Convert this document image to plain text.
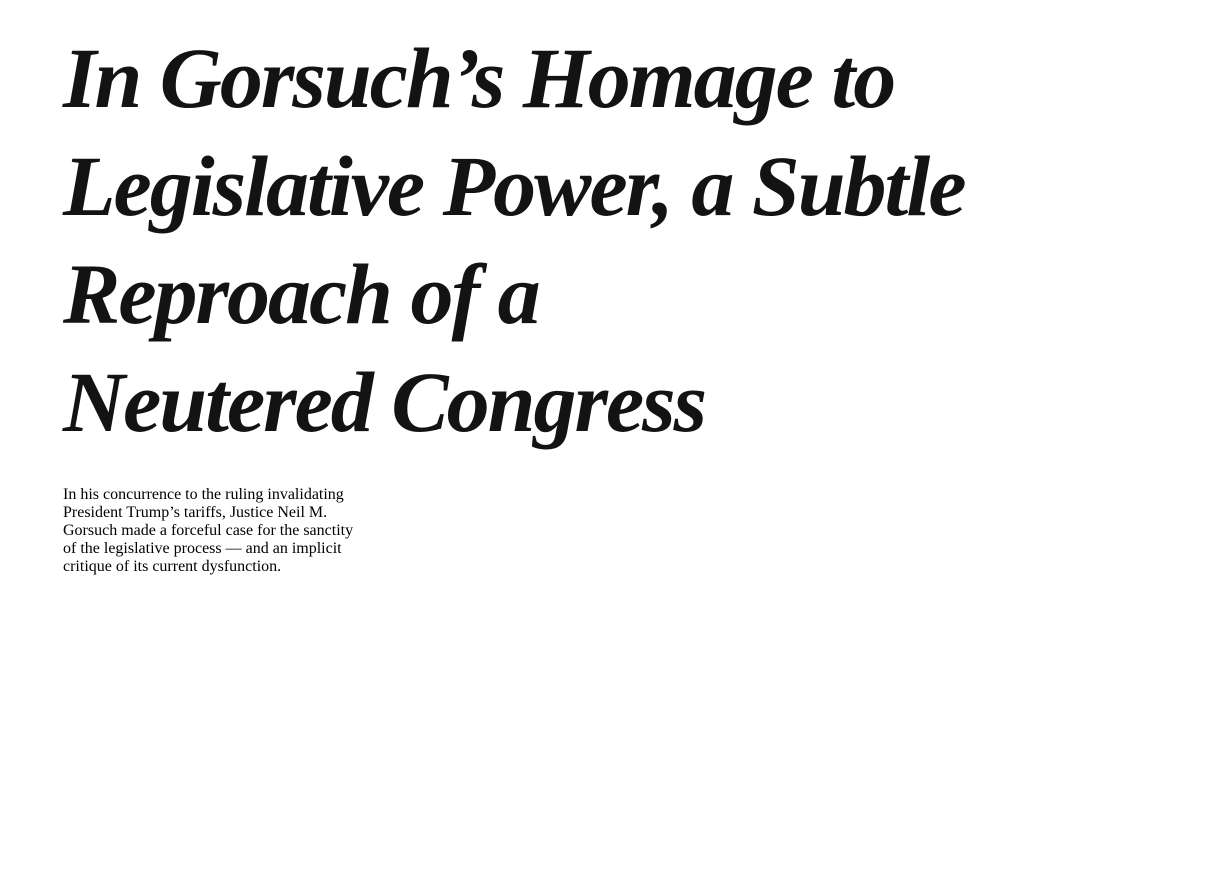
In Gorsuch’s Homage to
Legislative Power, a Subtle
Reproach of a
Neutered Congress

In his concurrence to the ruling invalidating
President Trump’s tariffs, Justice Neil M.
Gorsuch made a forceful case for the sanctity
of the legislative process — and an implicit
critique of its current dysfunction.
